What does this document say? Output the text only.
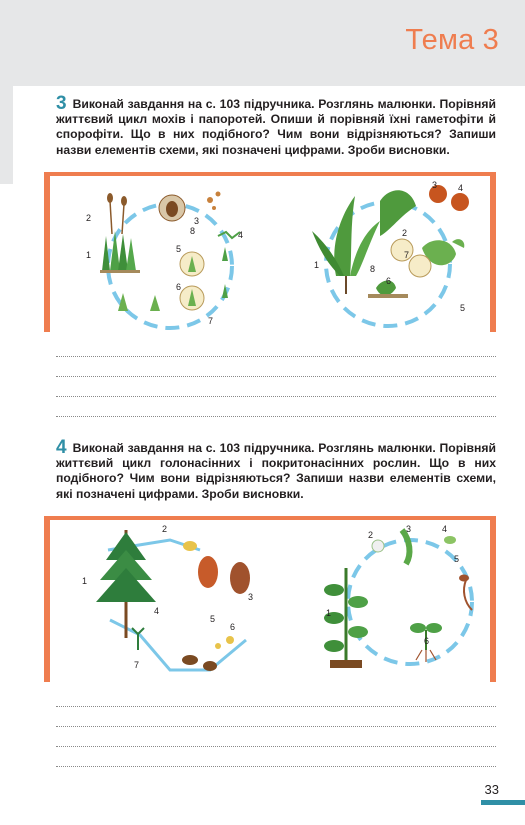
Тема 3
3 Виконай завдання на с. 103 підручника. Розглянь малюнки. Порівняй життєвий цикл мохів і папоротей. Опиши й порівняй їхні гаметофіти й спорофіти. Що в них подібного? Чим вони відрізняються? Запиши назви елементів схеми, які позначені цифрами. Зроби висновки.
2
1
3
4
5
6
7
8
1
2
3 4
5
6
7
8
4 Виконай завдання на с. 103 підручника. Розглянь малюнки. Порівняй життєвий цикл голонасінних і покритонасінних рослин. Що в них подібного? Чим вони відрізняються? Запиши назви елементів схеми, які позначені цифрами. Зроби висновки.
1
2
3
4
5
6
7
1
2
3	4
5
6
33
